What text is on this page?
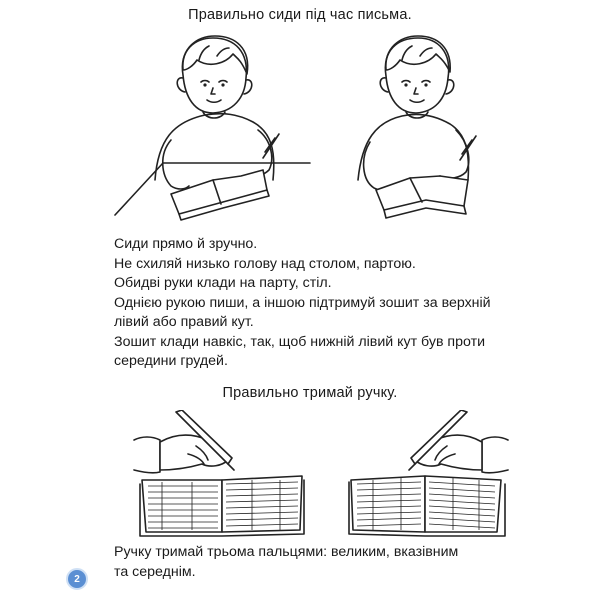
Правильно сиди під час письма.
Сиди прямо й зручно.
Не схиляй низько голову над столом, партою.
Обидві руки клади на парту, стіл.
Однією рукою пиши, а іншою підтримуй зошит за верхній
лівий або правий кут.
Зошит клади навкіс, так, щоб нижній лівий кут був проти
середини грудей.
Правильно тримай ручку.
Ручку тримай трьома пальцями: великим, вказівним
та середнім.
2
